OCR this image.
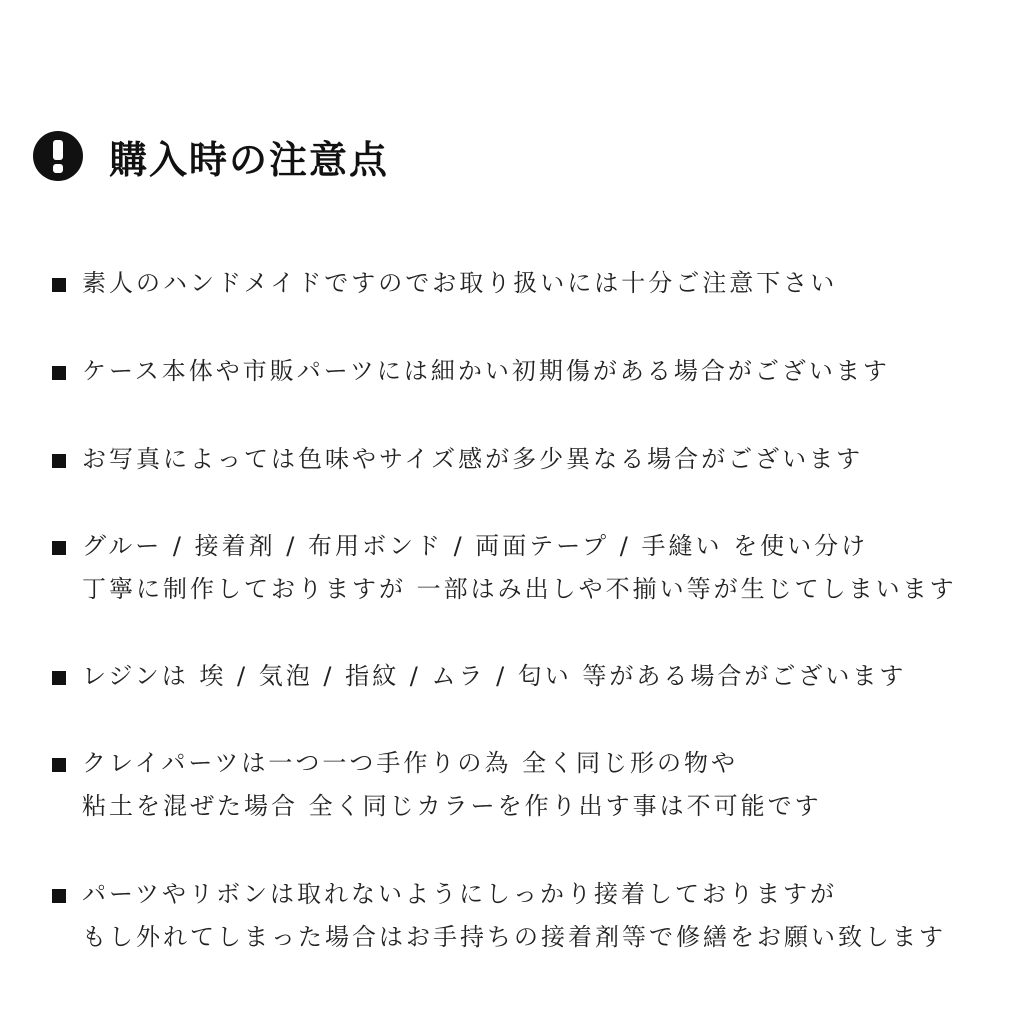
購入時の注意点
素人のハンドメイドですのでお取り扱いには十分ご注意下さい
ケース本体や市販パーツには細かい初期傷がある場合がございます
お写真によっては色味やサイズ感が多少異なる場合がございます
グルー / 接着剤 / 布用ボンド / 両面テープ / 手縫い を使い分け
丁寧に制作しておりますが 一部はみ出しや不揃い等が生じてしまいます
レジンは 埃 / 気泡 / 指紋 / ムラ / 匂い 等がある場合がございます
クレイパーツは一つ一つ手作りの為 全く同じ形の物や
粘土を混ぜた場合 全く同じカラーを作り出す事は不可能です
パーツやリボンは取れないようにしっかり接着しておりますが
もし外れてしまった場合はお手持ちの接着剤等で修繕をお願い致します
